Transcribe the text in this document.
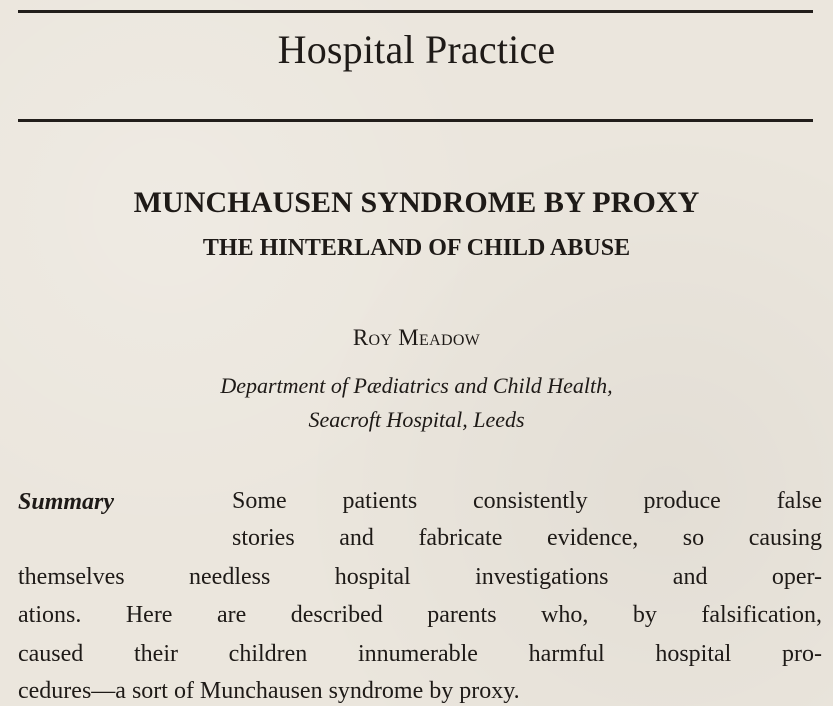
Hospital Practice
MUNCHAUSEN SYNDROME BY PROXY
THE HINTERLAND OF CHILD ABUSE
Roy Meadow
Department of Pædiatrics and Child Health,
Seacroft Hospital, Leeds
Summary	Some patients consistently produce false
stories and fabricate evidence, so causing
themselves needless hospital investigations and oper-
ations. Here are described parents who, by falsification,
caused their children innumerable harmful hospital pro-
cedures—a sort of Munchausen syndrome by proxy.
